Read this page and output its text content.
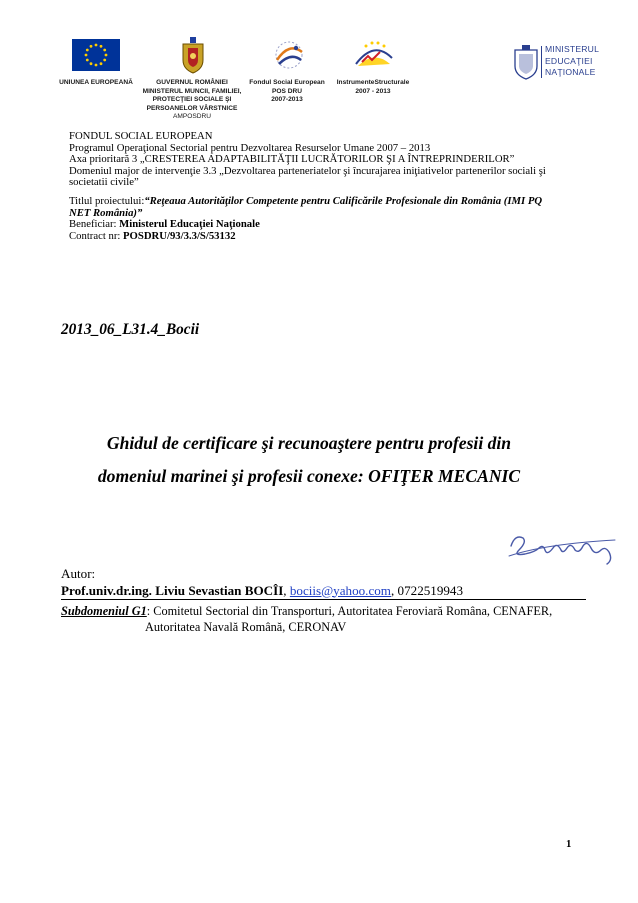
UNIUNEA EUROPEANĂ	GUVERNUL ROMÂNIEI
MINISTERUL MUNCII, FAMILIEI,
PROTECŢIEI SOCIALE ŞI
PERSOANELOR VÂRSTNICE
AMPOSDRU
Fondul Social European
POS DRU
2007-2013
InstrumenteStructurale
2007 - 2013
MINISTERUL
EDUCAŢIEI
NAŢIONALE
FONDUL SOCIAL EUROPEAN
Programul Operaţional Sectorial pentru Dezvoltarea Resurselor Umane 2007 – 2013
Axa prioritară 3 „CRESTEREA ADAPTABILITĂŢII LUCRĂTORILOR ŞI A ÎNTREPRINDERILOR”
Domeniul major de intervenţie 3.3 „Dezvoltarea parteneriatelor şi încurajarea iniţiativelor partenerilor sociali şi
societatii civile”
Titlul proiectului:“Reţeaua Autorităţilor Competente pentru Calificările Profesionale din România (IMI PQ
NET România)”
Beneficiar: Ministerul Educaţiei Naţionale
Contract nr: POSDRU/93/3.3/S/53132
2013_06_L31.4_Bocii
Ghidul de certificare şi recunoaştere pentru profesii din
domeniul marinei şi profesii conexe: OFIŢER MECANIC
Autor:
Prof.univ.dr.ing. Liviu Sevastian BOCÎI, bociis@yahoo.com, 0722519943
Subdomeniul G1: Comitetul Sectorial din Transporturi, Autoritatea Feroviară Româna, CENAFER,
Autoritatea Navală Română, CERONAV
1
